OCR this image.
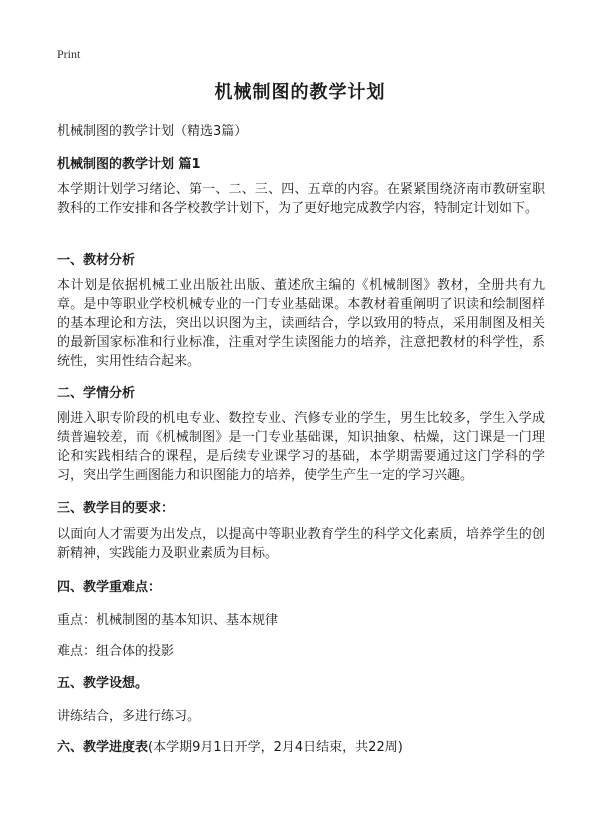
Print
机械制图的教学计划
机械制图的教学计划（精选3篇）
机械制图的教学计划 篇1
本学期计划学习绪论、第一、二、三、四、五章的内容。在紧紧围绕济南市教研室职教科的工作安排和各学校教学计划下，为了更好地完成教学内容，特制定计划如下。
一、教材分析
本计划是依据机械工业出版社出版、董述欣主编的《机械制图》教材，全册共有九章。是中等职业学校机械专业的一门专业基础课。本教材着重阐明了识读和绘制图样的基本理论和方法，突出以识图为主，读画结合，学以致用的特点，采用制图及相关的最新国家标准和行业标准，注重对学生读图能力的培养，注意把教材的科学性，系统性，实用性结合起来。
二、学情分析
刚进入职专阶段的机电专业、数控专业、汽修专业的学生，男生比较多，学生入学成绩普遍较差，而《机械制图》是一门专业基础课，知识抽象、枯燥，这门课是一门理论和实践相结合的课程，是后续专业课学习的基础，本学期需要通过这门学科的学习，突出学生画图能力和识图能力的培养，使学生产生一定的学习兴趣。
三、教学目的要求：
以面向人才需要为出发点，以提高中等职业教育学生的科学文化素质，培养学生的创新精神，实践能力及职业素质为目标。
四、教学重难点：
重点：机械制图的基本知识、基本规律
难点：组合体的投影
五、教学设想。
讲练结合，多进行练习。
六、教学进度表(本学期9月1日开学，2月4日结束，共22周)
